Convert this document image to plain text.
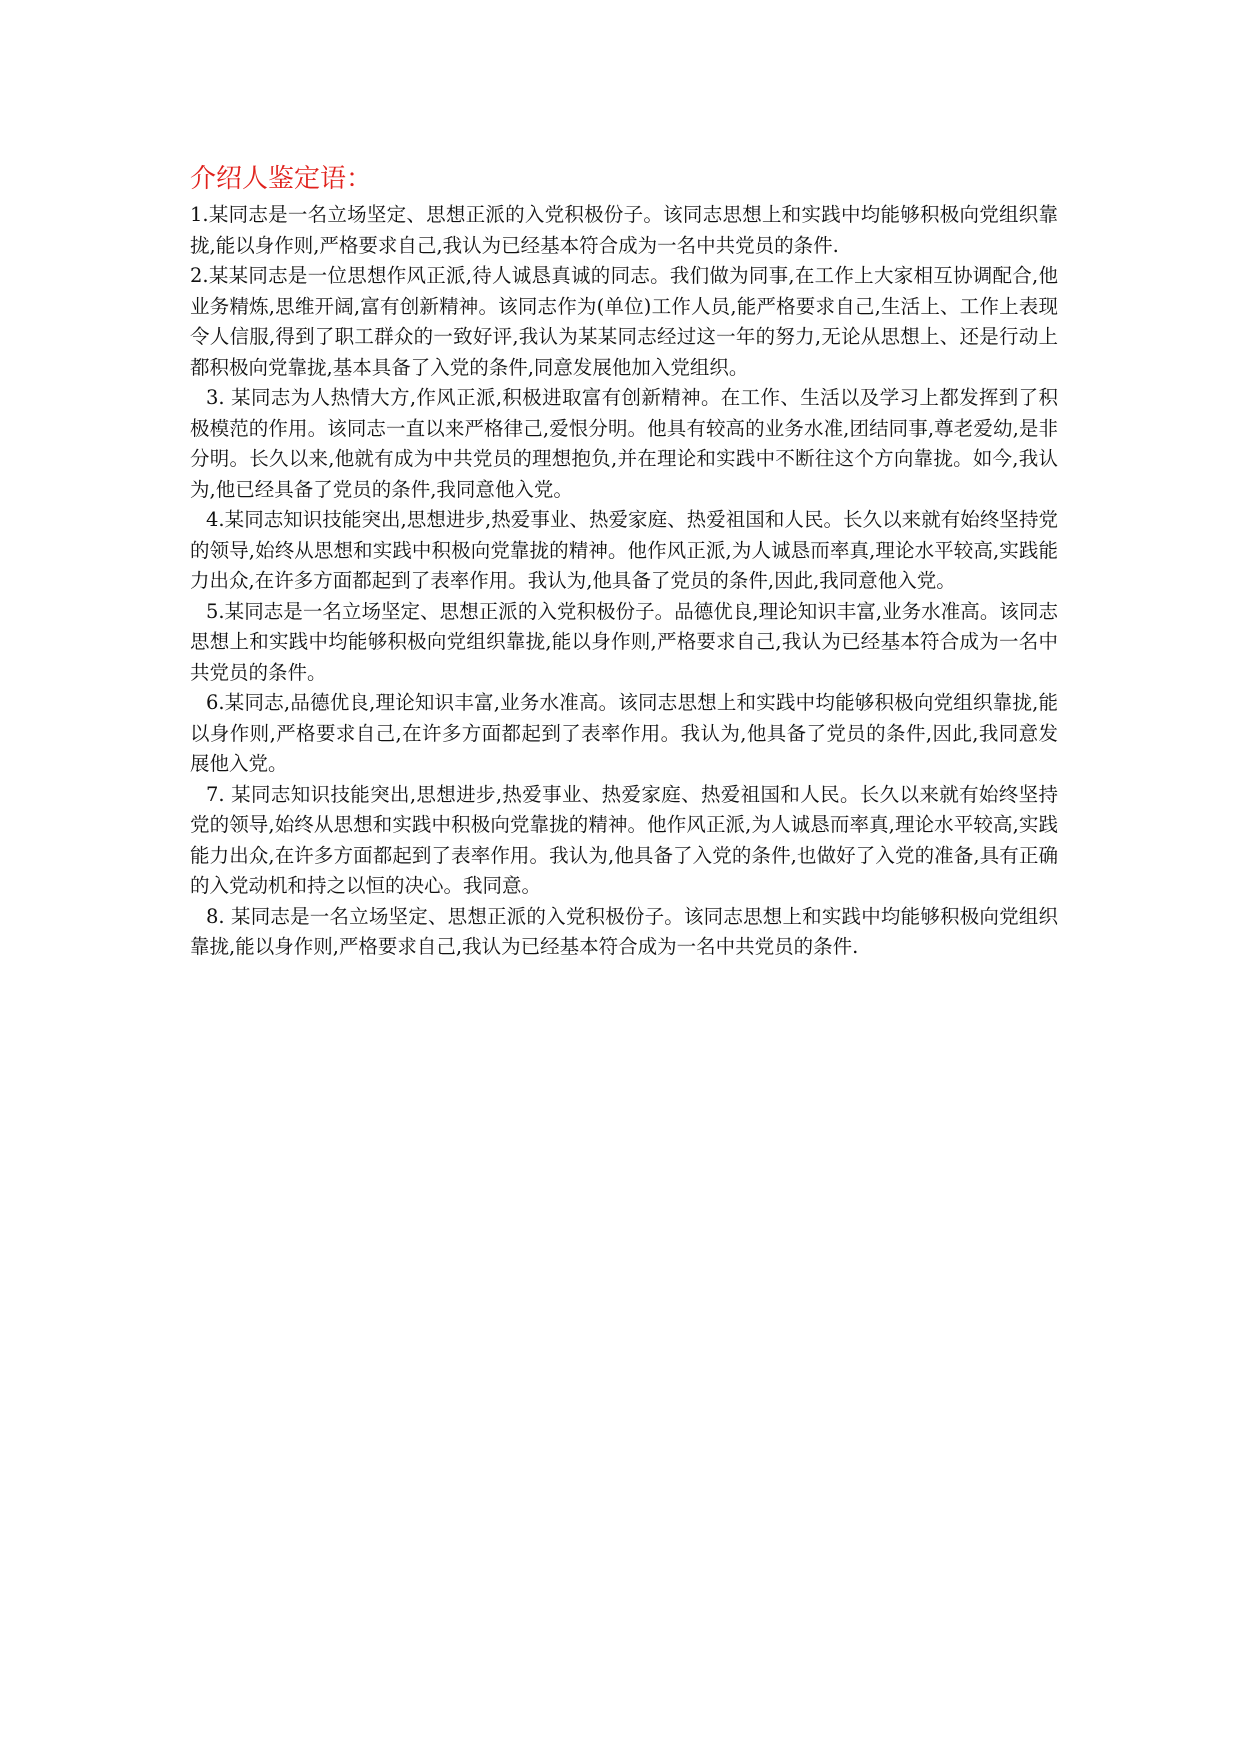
介绍人鉴定语：

1.某同志是一名立场坚定、思想正派的入党积极份子。该同志思想上和实践中均能够积极向党组织靠拢,能以身作则,严格要求自己,我认为已经基本符合成为一名中共党员的条件.

2.某某同志是一位思想作风正派,待人诚恳真诚的同志。我们做为同事,在工作上大家相互协调配合,他业务精炼,思维开阔,富有创新精神。该同志作为(单位)工作人员,能严格要求自己,生活上、工作上表现令人信服,得到了职工群众的一致好评,我认为某某同志经过这一年的努力,无论从思想上、还是行动上都积极向党靠拢,基本具备了入党的条件,同意发展他加入党组织。

3. 某同志为人热情大方,作风正派,积极进取富有创新精神。在工作、生活以及学习上都发挥到了积极模范的作用。该同志一直以来严格律己,爱恨分明。他具有较高的业务水准,团结同事,尊老爱幼,是非分明。长久以来,他就有成为中共党员的理想抱负,并在理论和实践中不断往这个方向靠拢。如今,我认为,他已经具备了党员的条件,我同意他入党。

4.某同志知识技能突出,思想进步,热爱事业、热爱家庭、热爱祖国和人民。长久以来就有始终坚持党的领导,始终从思想和实践中积极向党靠拢的精神。他作风正派,为人诚恳而率真,理论水平较高,实践能力出众,在许多方面都起到了表率作用。我认为,他具备了党员的条件,因此,我同意他入党。

5.某同志是一名立场坚定、思想正派的入党积极份子。品德优良,理论知识丰富,业务水准高。该同志思想上和实践中均能够积极向党组织靠拢,能以身作则,严格要求自己,我认为已经基本符合成为一名中共党员的条件。

6.某同志,品德优良,理论知识丰富,业务水准高。该同志思想上和实践中均能够积极向党组织靠拢,能以身作则,严格要求自己,在许多方面都起到了表率作用。我认为,他具备了党员的条件,因此,我同意发展他入党。

7. 某同志知识技能突出,思想进步,热爱事业、热爱家庭、热爱祖国和人民。长久以来就有始终坚持党的领导,始终从思想和实践中积极向党靠拢的精神。他作风正派,为人诚恳而率真,理论水平较高,实践能力出众,在许多方面都起到了表率作用。我认为,他具备了入党的条件,也做好了入党的准备,具有正确的入党动机和持之以恒的决心。我同意。

8. 某同志是一名立场坚定、思想正派的入党积极份子。该同志思想上和实践中均能够积极向党组织靠拢,能以身作则,严格要求自己,我认为已经基本符合成为一名中共党员的条件.
